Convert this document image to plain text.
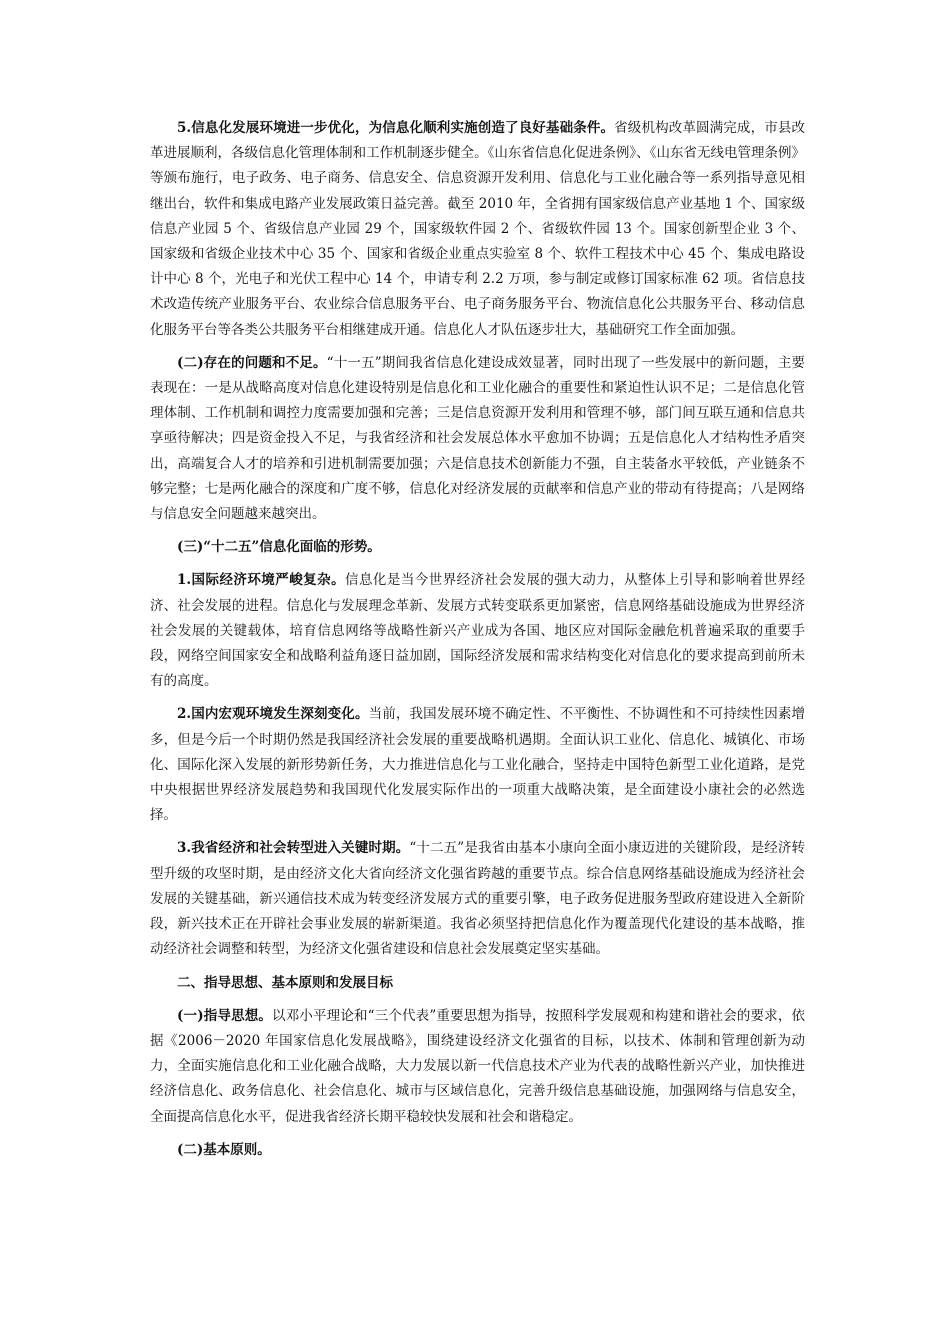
5.信息化发展环境进一步优化，为信息化顺利实施创造了良好基础条件。省级机构改革圆满完成，市县改革进展顺利，各级信息化管理体制和工作机制逐步健全。《山东省信息化促进条例》、《山东省无线电管理条例》等颁布施行，电子政务、电子商务、信息安全、信息资源开发利用、信息化与工业化融合等一系列指导意见相继出台，软件和集成电路产业发展政策日益完善。截至 2010 年，全省拥有国家级信息产业基地 1 个、国家级信息产业园 5 个、省级信息产业园 29 个，国家级软件园 2 个、省级软件园 13 个。国家创新型企业 3 个、国家级和省级企业技术中心 35 个、国家和省级企业重点实验室 8 个、软件工程技术中心 45 个、集成电路设计中心 8 个，光电子和光伏工程中心 14 个，申请专利 2.2 万项，参与制定或修订国家标准 62 项。省信息技术改造传统产业服务平台、农业综合信息服务平台、电子商务服务平台、物流信息化公共服务平台、移动信息化服务平台等各类公共服务平台相继建成开通。信息化人才队伍逐步壮大，基础研究工作全面加强。

(二)存在的问题和不足。“十一五”期间我省信息化建设成效显著，同时出现了一些发展中的新问题，主要表现在：一是从战略高度对信息化建设特别是信息化和工业化融合的重要性和紧迫性认识不足；二是信息化管理体制、工作机制和调控力度需要加强和完善；三是信息资源开发利用和管理不够，部门间互联互通和信息共享亟待解决；四是资金投入不足，与我省经济和社会发展总体水平愈加不协调；五是信息化人才结构性矛盾突出，高端复合人才的培养和引进机制需要加强；六是信息技术创新能力不强，自主装备水平较低，产业链条不够完整；七是两化融合的深度和广度不够，信息化对经济发展的贡献率和信息产业的带动有待提高；八是网络与信息安全问题越来越突出。

(三)“十二五”信息化面临的形势。

1.国际经济环境严峻复杂。信息化是当今世界经济社会发展的强大动力，从整体上引导和影响着世界经济、社会发展的进程。信息化与发展理念革新、发展方式转变联系更加紧密，信息网络基础设施成为世界经济社会发展的关键载体，培育信息网络等战略性新兴产业成为各国、地区应对国际金融危机普遍采取的重要手段，网络空间国家安全和战略利益角逐日益加剧，国际经济发展和需求结构变化对信息化的要求提高到前所未有的高度。

2.国内宏观环境发生深刻变化。当前，我国发展环境不确定性、不平衡性、不协调性和不可持续性因素增多，但是今后一个时期仍然是我国经济社会发展的重要战略机遇期。全面认识工业化、信息化、城镇化、市场化、国际化深入发展的新形势新任务，大力推进信息化与工业化融合，坚持走中国特色新型工业化道路，是党中央根据世界经济发展趋势和我国现代化发展实际作出的一项重大战略决策，是全面建设小康社会的必然选择。

3.我省经济和社会转型进入关键时期。“十二五”是我省由基本小康向全面小康迈进的关键阶段，是经济转型升级的攻坚时期，是由经济文化大省向经济文化强省跨越的重要节点。综合信息网络基础设施成为经济社会发展的关键基础，新兴通信技术成为转变经济发展方式的重要引擎，电子政务促进服务型政府建设进入全新阶段，新兴技术正在开辟社会事业发展的崭新渠道。我省必须坚持把信息化作为覆盖现代化建设的基本战略，推动经济社会调整和转型，为经济文化强省建设和信息社会发展奠定坚实基础。

二、指导思想、基本原则和发展目标

(一)指导思想。以邓小平理论和“三个代表”重要思想为指导，按照科学发展观和构建和谐社会的要求，依据《2006－2020 年国家信息化发展战略》，围绕建设经济文化强省的目标，以技术、体制和管理创新为动力，全面实施信息化和工业化融合战略，大力发展以新一代信息技术产业为代表的战略性新兴产业，加快推进经济信息化、政务信息化、社会信息化、城市与区域信息化，完善升级信息基础设施，加强网络与信息安全，全面提高信息化水平，促进我省经济长期平稳较快发展和社会和谐稳定。

(二)基本原则。
